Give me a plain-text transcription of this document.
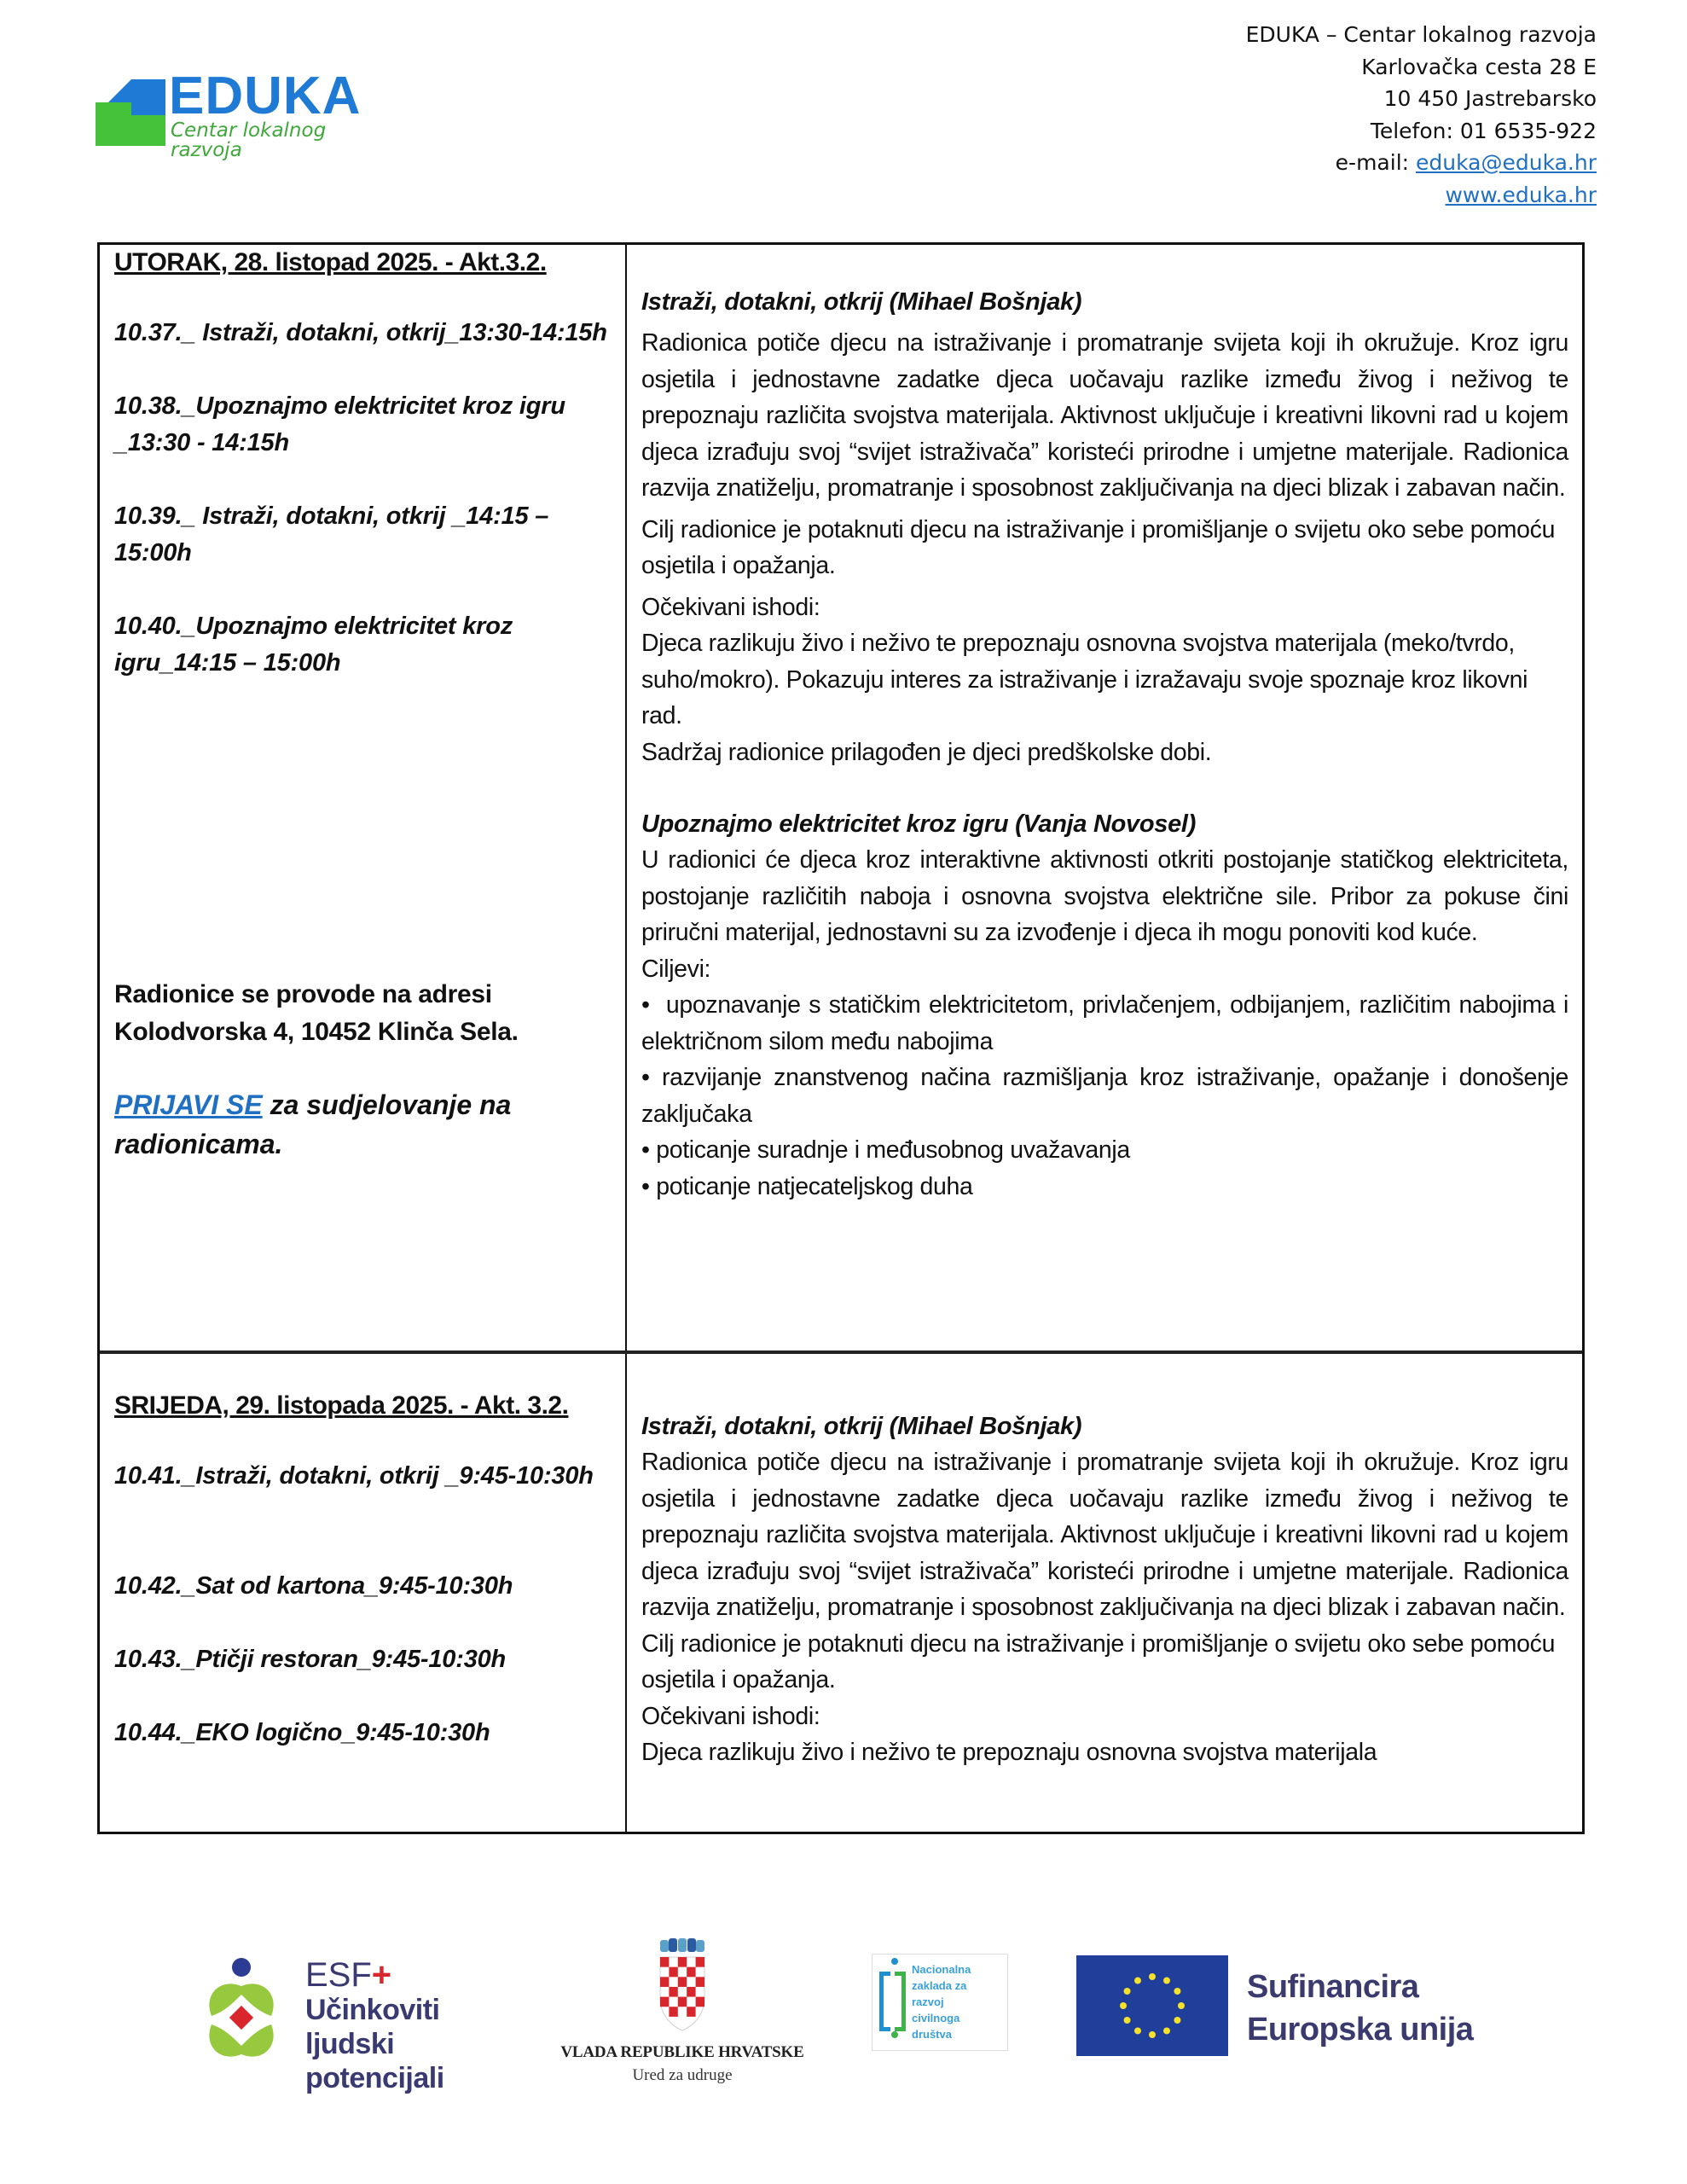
EDUKA
Centar lokalnog razvoja
EDUKA – Centar lokalnog razvoja
Karlovačka cesta 28 E
10 450 Jastrebarsko
Telefon: 01 6535-922
e-mail: eduka@eduka.hr
www.eduka.hr

UTORAK, 28. listopad 2025. - Akt.3.2.

10.37._ Istraži, dotakni, otkrij_13:30-14:15h

10.38._Upoznajmo elektricitet kroz igru _13:30 - 14:15h

10.39._ Istraži, dotakni, otkrij _14:15 – 15:00h

10.40._Upoznajmo elektricitet kroz igru_14:15 – 15:00h

Radionice se provode na adresi Kolodvorska 4, 10452 Klinča Sela.

PRIJAVI SE za sudjelovanje na radionicama.

Istraži, dotakni, otkrij (Mihael Bošnjak)

Radionica potiče djecu na istraživanje i promatranje svijeta koji ih okružuje. Kroz igru osjetila i jednostavne zadatke djeca uočavaju razlike između živog i neživog te prepoznaju različita svojstva materijala. Aktivnost uključuje i kreativni likovni rad u kojem djeca izrađuju svoj “svijet istraživača” koristeći prirodne i umjetne materijale. Radionica razvija znatiželju, promatranje i sposobnost zaključivanja na djeci blizak i zabavan način.

Cilj radionice je potaknuti djecu na istraživanje i promišljanje o svijetu oko sebe pomoću osjetila i opažanja.

Očekivani ishodi:

Djeca razlikuju živo i neživo te prepoznaju osnovna svojstva materijala (meko/tvrdo, suho/mokro). Pokazuju interes za istraživanje i izražavaju svoje spoznaje kroz likovni rad.

Sadržaj radionice prilagođen je djeci predškolske dobi.

Upoznajmo elektricitet kroz igru (Vanja Novosel)

U radionici će djeca kroz interaktivne aktivnosti otkriti postojanje statičkog elektriciteta, postojanje različitih naboja i osnovna svojstva električne sile. Pribor za pokuse čini priručni materijal, jednostavni su za izvođenje i djeca ih mogu ponoviti kod kuće.

Ciljevi:

•  upoznavanje s statičkim elektricitetom, privlačenjem, odbijanjem, različitim nabojima i električnom silom među nabojima

• razvijanje znanstvenog načina razmišljanja kroz istraživanje, opažanje i donošenje zaključaka

• poticanje suradnje i međusobnog uvažavanja

• poticanje natjecateljskog duha

SRIJEDA, 29. listopada 2025. - Akt. 3.2.

10.41._Istraži, dotakni, otkrij _9:45-10:30h

10.42._Sat od kartona_9:45-10:30h

10.43._Ptičji restoran_9:45-10:30h

10.44._EKO logično_9:45-10:30h

Istraži, dotakni, otkrij (Mihael Bošnjak)

Radionica potiče djecu na istraživanje i promatranje svijeta koji ih okružuje. Kroz igru osjetila i jednostavne zadatke djeca uočavaju razlike između živog i neživog te prepoznaju različita svojstva materijala. Aktivnost uključuje i kreativni likovni rad u kojem djeca izrađuju svoj “svijet istraživača” koristeći prirodne i umjetne materijale. Radionica razvija znatiželju, promatranje i sposobnost zaključivanja na djeci blizak i zabavan način.

Cilj radionice je potaknuti djecu na istraživanje i promišljanje o svijetu oko sebe pomoću osjetila i opažanja.

Očekivani ishodi:

Djeca razlikuju živo i neživo te prepoznaju osnovna svojstva materijala

ESF+
Učinkoviti ljudski
potencijali
VLADA REPUBLIKE HRVATSKE
Ured za udruge
Nacionalna
zaklada za
razvoj
civilnoga
društva
Sufinancira
Europska unija
